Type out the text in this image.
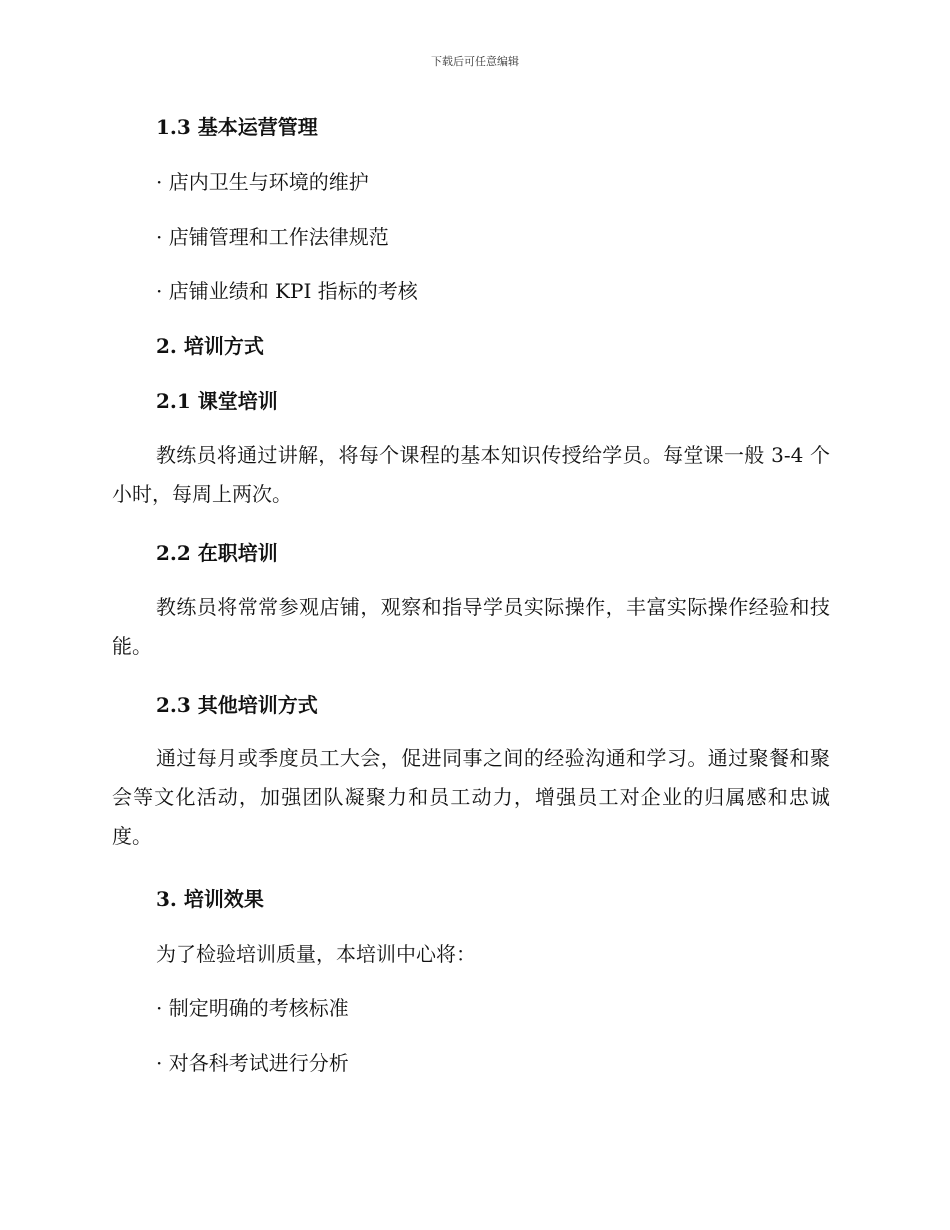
下载后可任意编辑
1.3 基本运营管理
· 店内卫生与环境的维护
· 店铺管理和工作法律规范
· 店铺业绩和 KPI 指标的考核
2. 培训方式
2.1 课堂培训
教练员将通过讲解，将每个课程的基本知识传授给学员。每堂课一般 3-4 个小时，每周上两次。
2.2 在职培训
教练员将常常参观店铺，观察和指导学员实际操作，丰富实际操作经验和技能。
2.3 其他培训方式
通过每月或季度员工大会，促进同事之间的经验沟通和学习。通过聚餐和聚会等文化活动，加强团队凝聚力和员工动力，增强员工对企业的归属感和忠诚度。
3. 培训效果
为了检验培训质量，本培训中心将：
· 制定明确的考核标准
· 对各科考试进行分析
